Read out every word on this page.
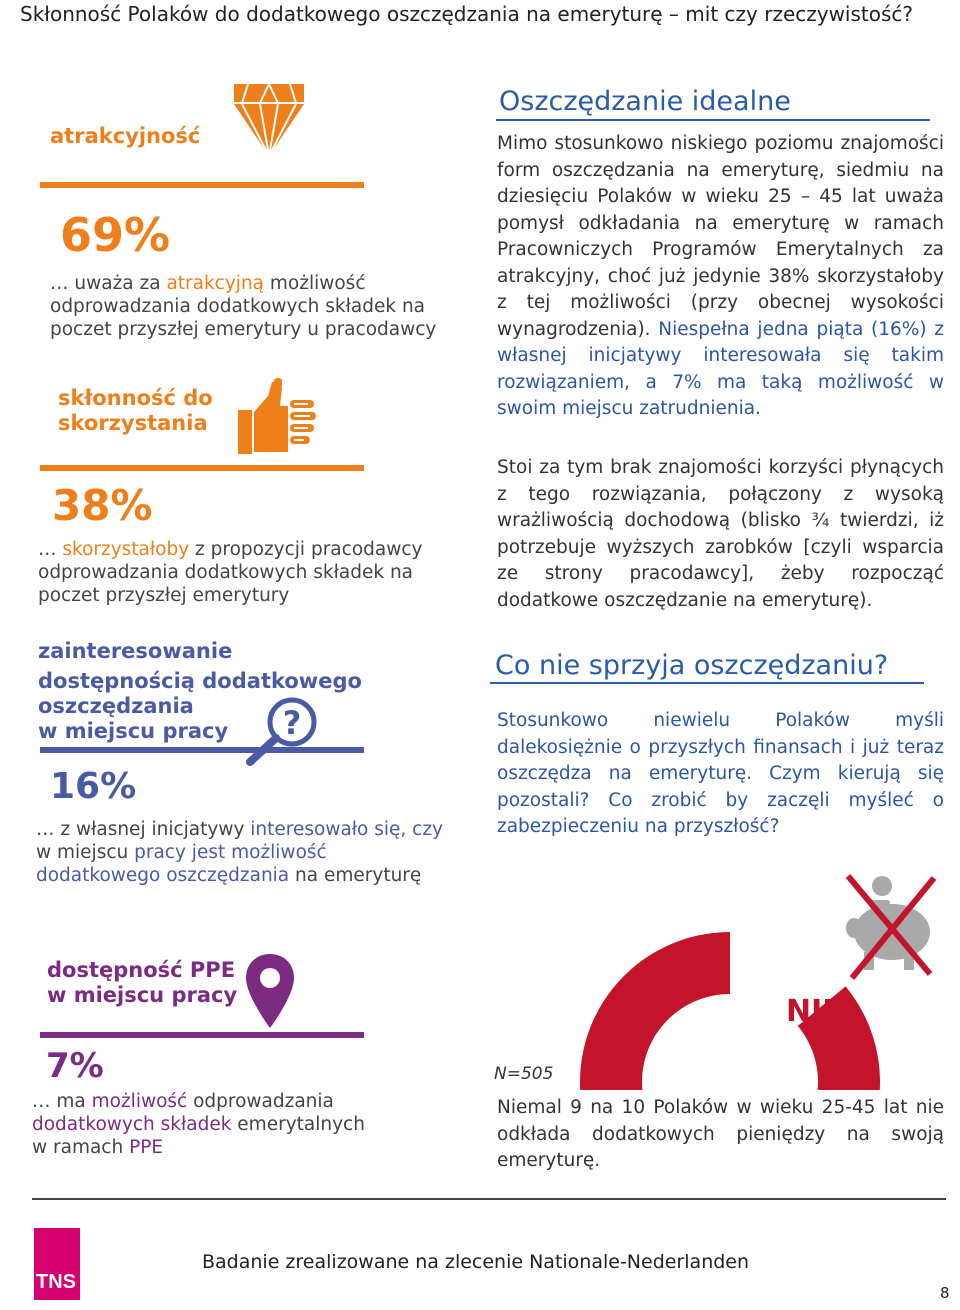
Skłonność Polaków do dodatkowego oszczędzania na emeryturę – mit czy rzeczywistość?
atrakcyjność
69%
… uważa za atrakcyjną możliwość odprowadzania dodatkowych składek na poczet przyszłej emerytury u pracodawcy
skłonność do
skorzystania
38%
… skorzystałoby z propozycji pracodawcy odprowadzania dodatkowych składek na poczet przyszłej emerytury
zainteresowanie
dostępnością dodatkowego
oszczędzania
w miejscu pracy	?
16%
… z własnej inicjatywy interesowało się, czy
w miejscu pracy jest możliwość
dodatkowego oszczędzania na emeryturę
dostępność PPE
w miejscu pracy
7%
… ma możliwość odprowadzania
dodatkowych składek emerytalnych
w ramach PPE
Oszczędzanie idealne
Mimo stosunkowo niskiego poziomu znajomości form oszczędzania na emeryturę, siedmiu na dziesięciu Polaków w wieku 25 – 45 lat uważa pomysł odkładania na emeryturę w ramach Pracowniczych Programów Emerytalnych za atrakcyjny, choć już jedynie 38% skorzystałoby z tej możliwości (przy obecnej wysokości wynagrodzenia). Niespełna jedna piąta (16%) z własnej inicjatywy interesowała się takim rozwiązaniem, a 7% ma taką możliwość w swoim miejscu zatrudnienia.
Stoi za tym brak znajomości korzyści płynących z tego rozwiązania, połączony z wysoką wrażliwością dochodową (blisko ¾ twierdzi, iż potrzebuje wyższych zarobków [czyli wsparcia ze strony pracodawcy], żeby rozpocząć dodatkowe oszczędzanie na emeryturę).
Co nie sprzyja oszczędzaniu?
Stosunkowo niewielu Polaków myśli dalekosiężnie o przyszłych finansach i już teraz oszczędza na emeryturę. Czym kierują się pozostali? Co zrobić by zaczęli myśleć o zabezpieczeniu na przyszłość?
86
NIE
N=505
Niemal 9 na 10 Polaków w wieku 25-45 lat nie odkłada dodatkowych pieniędzy na swoją emeryturę.
TNS
Badanie zrealizowane na zlecenie Nationale-Nederlanden
8
